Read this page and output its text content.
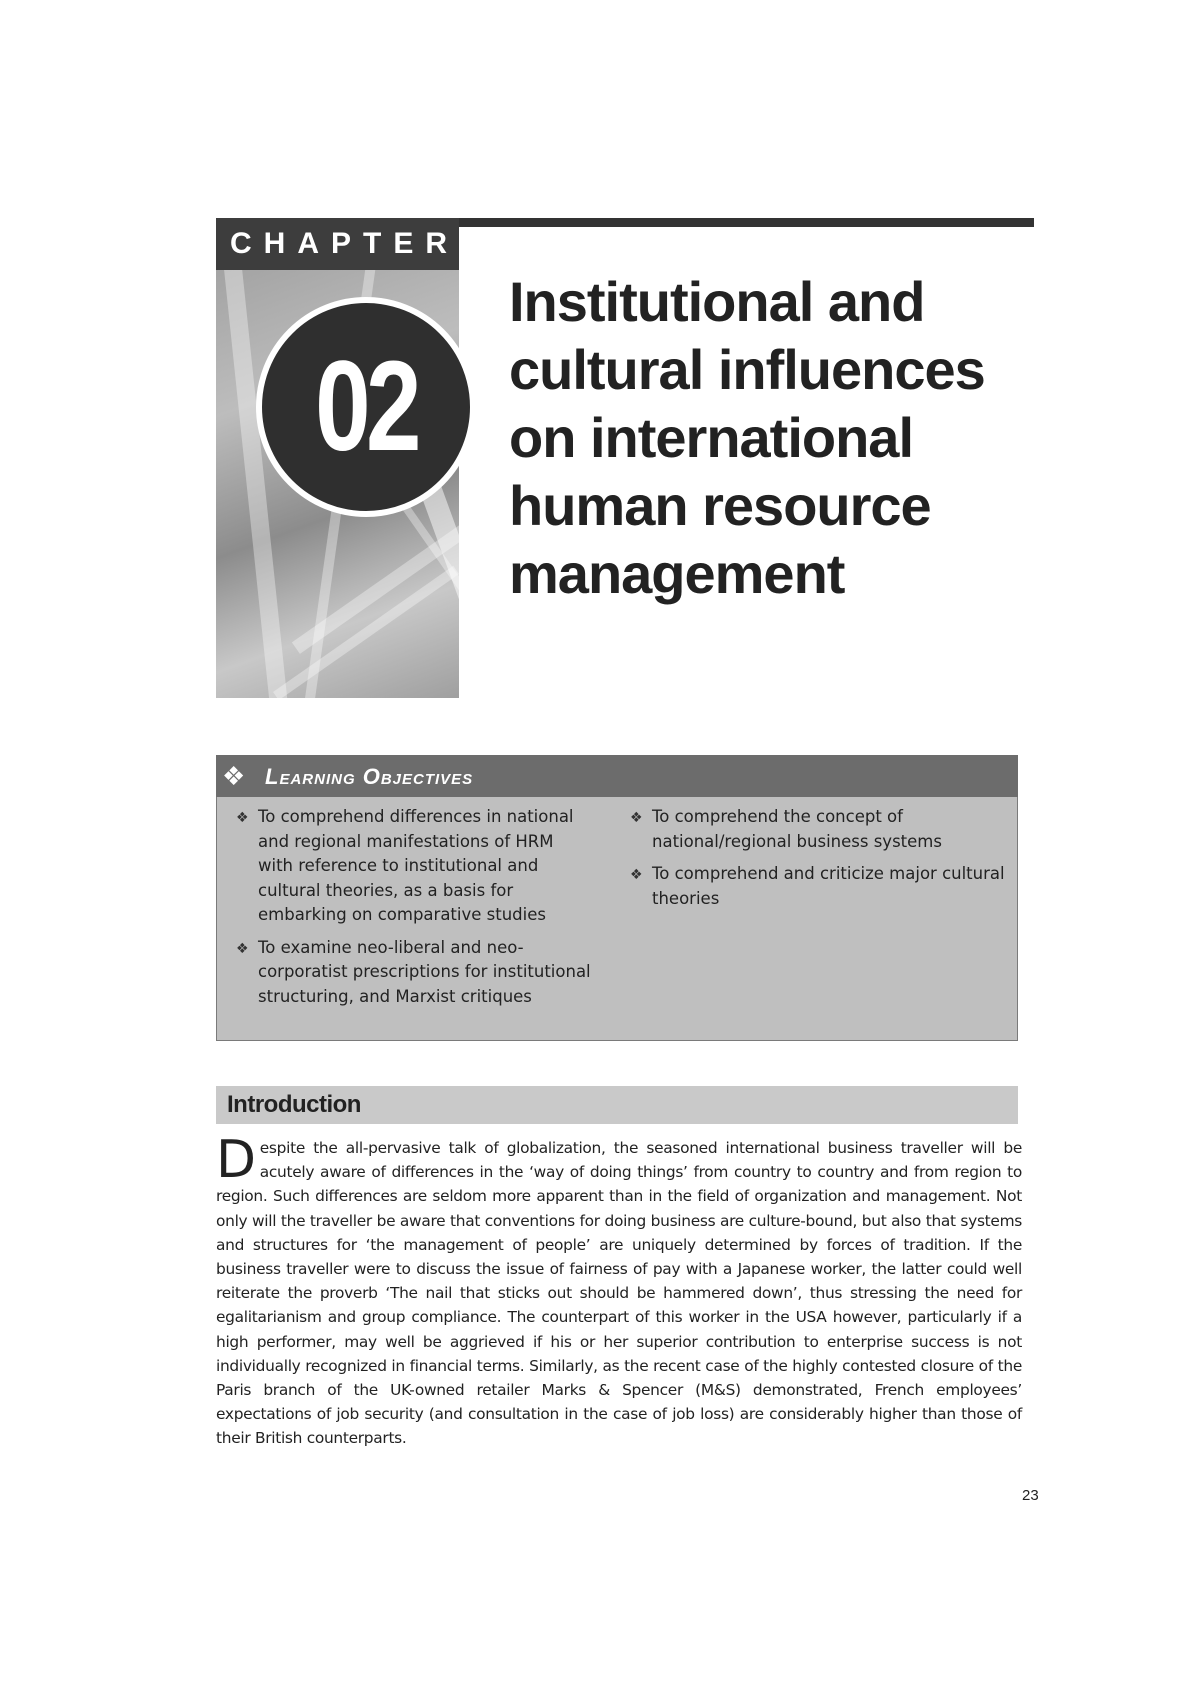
CHAPTER
02
Institutional and cultural influences on international human resource management
❖ Learning Objectives
❖ To comprehend differences in national and regional manifestations of HRM with reference to institutional and cultural theories, as a basis for embarking on comparative studies
❖ To examine neo-liberal and neo-corporatist prescriptions for institutional structuring, and Marxist critiques
❖ To comprehend the concept of national/regional business systems
❖ To comprehend and criticize major cultural theories
Introduction

Despite the all-pervasive talk of globalization, the seasoned international business traveller will be acutely aware of differences in the ‘way of doing things’ from country to country and from region to region. Such differences are seldom more apparent than in the field of organization and management. Not only will the traveller be aware that conventions for doing business are culture-bound, but also that systems and structures for ‘the management of people’ are uniquely determined by forces of tradition. If the business traveller were to discuss the issue of fairness of pay with a Japanese worker, the latter could well reiterate the proverb ‘The nail that sticks out should be hammered down’, thus stressing the need for egalitarianism and group compliance. The counterpart of this worker in the USA however, particularly if a high performer, may well be aggrieved if his or her superior contribution to enterprise success is not individually recognized in financial terms. Similarly, as the recent case of the highly contested closure of the Paris branch of the UK-owned retailer Marks & Spencer (M&S) demonstrated, French employees’ expectations of job security (and consultation in the case of job loss) are considerably higher than those of their British counterparts.

23
